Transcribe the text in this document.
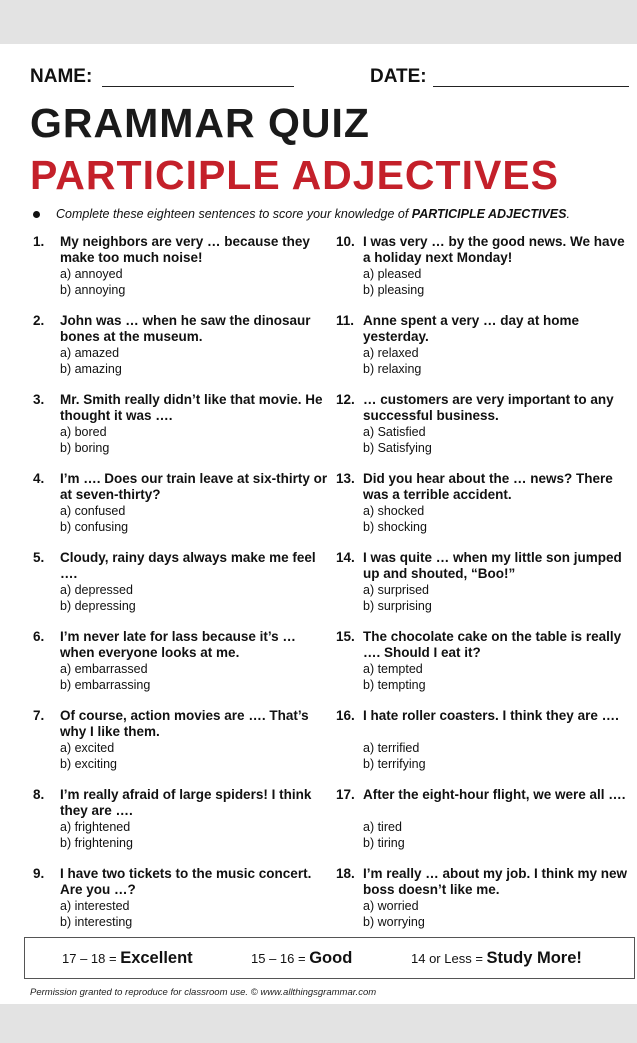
NAME:	DATE:
GRAMMAR QUIZ
PARTICIPLE ADJECTIVES
Complete these eighteen sentences to score your knowledge of PARTICIPLE ADJECTIVES.
1. My neighbors are very … because they make too much noise!
a) annoyed
b) annoying
2. John was … when he saw the dinosaur bones at the museum.
a) amazed
b) amazing
3. Mr. Smith really didn’t like that movie. He thought it was ….
a) bored
b) boring
4. I’m …. Does our train leave at six-thirty or at seven-thirty?
a) confused
b) confusing
5. Cloudy, rainy days always make me feel ….
a) depressed
b) depressing
6. I’m never late for lass because it’s … when everyone looks at me.
a) embarrassed
b) embarrassing
7. Of course, action movies are …. That’s why I like them.
a) excited
b) exciting
8. I’m really afraid of large spiders! I think they are ….
a) frightened
b) frightening
9. I have two tickets to the music concert. Are you …?
a) interested
b) interesting
10. I was very … by the good news. We have a holiday next Monday!
a) pleased
b) pleasing
11. Anne spent a very … day at home yesterday.
a) relaxed
b) relaxing
12. … customers are very important to any successful business.
a) Satisfied
b) Satisfying
13. Did you hear about the … news? There was a terrible accident.
a) shocked
b) shocking
14. I was quite … when my little son jumped up and shouted, “Boo!”
a) surprised
b) surprising
15. The chocolate cake on the table is really …. Should I eat it?
a) tempted
b) tempting
16. I hate roller coasters. I think they are ….
a) terrified
b) terrifying
17. After the eight-hour flight, we were all ….
a) tired
b) tiring
18. I’m really … about my job. I think my new boss doesn’t like me.
a) worried
b) worrying
17 – 18 = Excellent	15 – 16 = Good	14 or Less = Study More!
Permission granted to reproduce for classroom use. © www.allthingsgrammar.com
